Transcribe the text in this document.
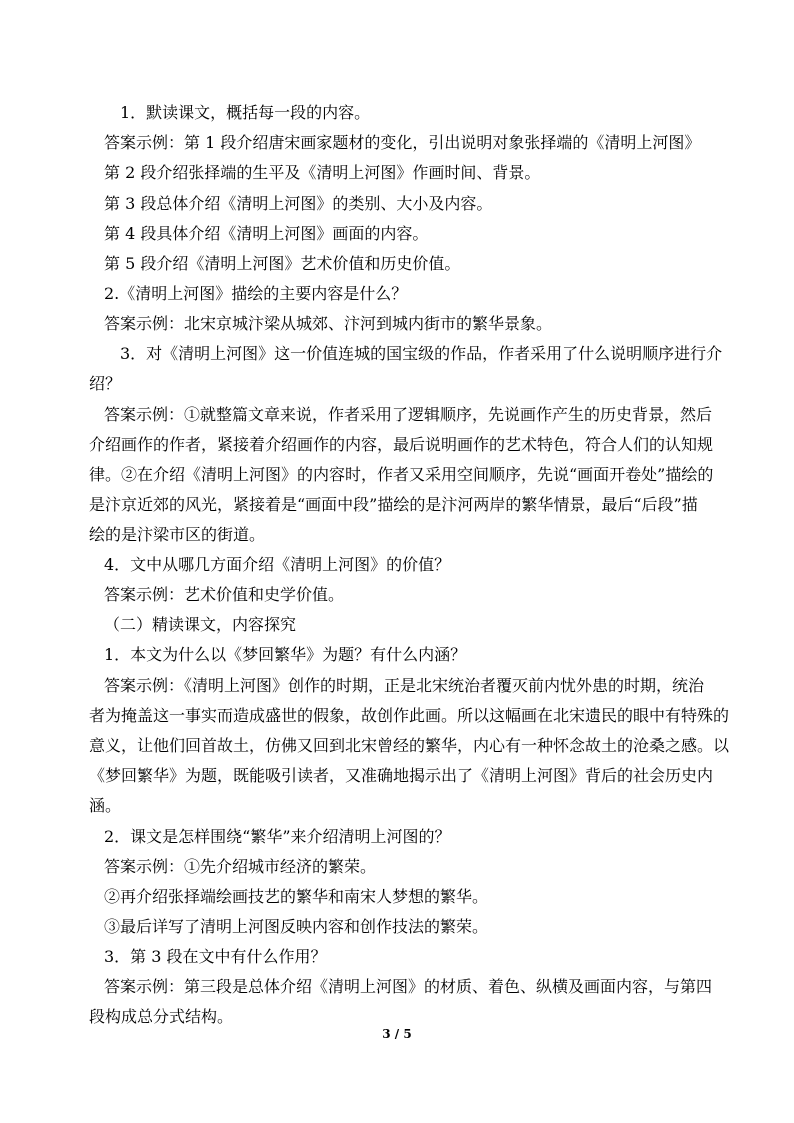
1．默读课文，概括每一段的内容。
答案示例：第 1 段介绍唐宋画家题材的变化，引出说明对象张择端的《清明上河图》
第 2 段介绍张择端的生平及《清明上河图》作画时间、背景。
第 3 段总体介绍《清明上河图》的类别、大小及内容。
第 4 段具体介绍《清明上河图》画面的内容。
第 5 段介绍《清明上河图》艺术价值和历史价值。
2.《清明上河图》描绘的主要内容是什么？
答案示例：北宋京城汴梁从城郊、汴河到城内街市的繁华景象。
3．对《清明上河图》这一价值连城的国宝级的作品，作者采用了什么说明顺序进行介
绍？
答案示例：①就整篇文章来说，作者采用了逻辑顺序，先说画作产生的历史背景，然后
介绍画作的作者，紧接着介绍画作的内容，最后说明画作的艺术特色，符合人们的认知规
律。②在介绍《清明上河图》的内容时，作者又采用空间顺序，先说“画面开卷处”描绘的
是汴京近郊的风光，紧接着是“画面中段”描绘的是汴河两岸的繁华情景，最后“后段”描
绘的是汴梁市区的街道。
4．文中从哪几方面介绍《清明上河图》的价值？
答案示例：艺术价值和史学价值。
（二）精读课文，内容探究
1．本文为什么以《梦回繁华》为题？有什么内涵？
答案示例：《清明上河图》创作的时期，正是北宋统治者覆灭前内忧外患的时期，统治
者为掩盖这一事实而造成盛世的假象，故创作此画。所以这幅画在北宋遗民的眼中有特殊的
意义，让他们回首故土，仿佛又回到北宋曾经的繁华，内心有一种怀念故土的沧桑之感。以
《梦回繁华》为题，既能吸引读者，又准确地揭示出了《清明上河图》背后的社会历史内
涵。
2．课文是怎样围绕“繁华”来介绍清明上河图的？
答案示例：①先介绍城市经济的繁荣。
②再介绍张择端绘画技艺的繁华和南宋人梦想的繁华。
③最后详写了清明上河图反映内容和创作技法的繁荣。
3．第 3 段在文中有什么作用？
答案示例：第三段是总体介绍《清明上河图》的材质、着色、纵横及画面内容，与第四
段构成总分式结构。
3 / 5
